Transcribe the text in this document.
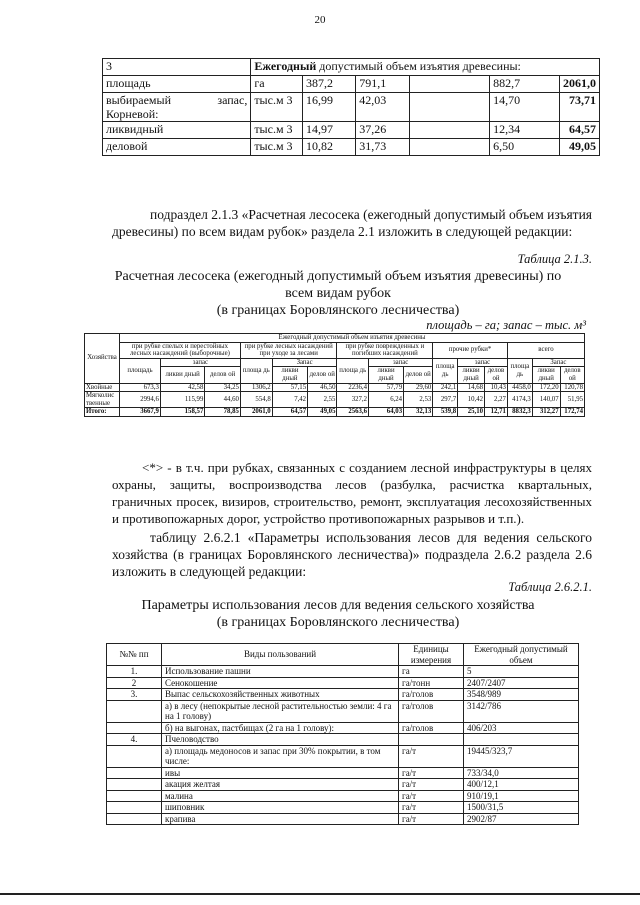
20
3	Ежегодный допустимый объем изъятия древесины:					
площадь	га	387,2	791,1		882,7	2061,0
выбираемый запас, Корневой:	тыс.м 3	16,99	42,03		14,70	73,71
ликвидный	тыс.м 3	14,97	37,26		12,34	64,57
деловой	тыс.м 3	10,82	31,73		6,50	49,05
подраздел 2.1.3 «Расчетная лесосека (ежегодный допустимый объем изъятия древесины) по всем видам рубок» раздела 2.1 изложить в следующей редакции:
Таблица 2.1.3.
Расчетная лесосека (ежегодный допустимый объем изъятия древесины) по
всем видам рубок
(в границах Боровлянского лесничества)
площадь – га; запас – тыс. м³
Хозяйства	Ежегодный допустимый объем изъятия древесины														
	при рубке спелых и перестойных лесных насаждений (выборочные)			при рубке лесных насаждений при уходе за лесами			при рубке поврежденных и погибших насаждений			прочие рубки*			всего		
	площадь	запас		площа дь	Запас		площа дь	запас		площа дь	запас		площа дь	Запас	
		ликви дный	делов ой		ликви дный	делов ой		ликви дный	делов ой		ликви дный	делов ой		ликви дный	делов ой
Хвойные	673,3	42,58	34,25	1306,2	57,15	46,50	2236,4	57,79	29,60	242,1	14,68	10,43	4458,0	172,20	120,78
Мягколис твенные	2994,6	115,99	44,60	554,8	7,42	2,55	327,2	6,24	2,53	297,7	10,42	2,27	4174,3	140,07	51,95
Итого:	3667,9	158,57	78,85	2061,0	64,57	49,05	2563,6	64,03	32,13	539,8	25,10	12,71	8832,3	312,27	172,74
<*> - в т.ч. при рубках, связанных с созданием лесной инфраструктуры в целях охраны, защиты, воспроизводства лесов (разбулка, расчистка квартальных, граничных просек, визиров, строительство, ремонт, эксплуатация лесохозяйственных и противопожарных дорог, устройство противопожарных разрывов и т.п.).
таблицу 2.6.2.1 «Параметры использования лесов для ведения сельского хозяйства (в границах Боровлянского лесничества)» подраздела 2.6.2 раздела 2.6 изложить в следующей редакции:
Таблица 2.6.2.1.
Параметры использования лесов для ведения сельского хозяйства
(в границах Боровлянского лесничества)
№№ пп	Виды пользований	Единицы измерения	Ежегодный допустимый объем
1.	Использование пашни	га	5
2	Сенокошение	га/тонн	2407/2407
3.	Выпас сельскохозяйственных животных	га/голов	3548/989
	а) в лесу (непокрытые лесной растительностью земли: 4 га на 1 голову)	га/голов	3142/786
	б) на выгонах, пастбищах (2 га на 1 голову):	га/голов	406/203
4.	Пчеловодство		
	а) площадь медоносов и запас при 30% покрытии, в том числе:	га/т	19445/323,7
	ивы	га/т	733/34,0
	акация желтая	га/т	400/12,1
	малина	га/т	910/19,1
	шиповник	га/т	1500/31,5
	крапива	га/т	2902/87
